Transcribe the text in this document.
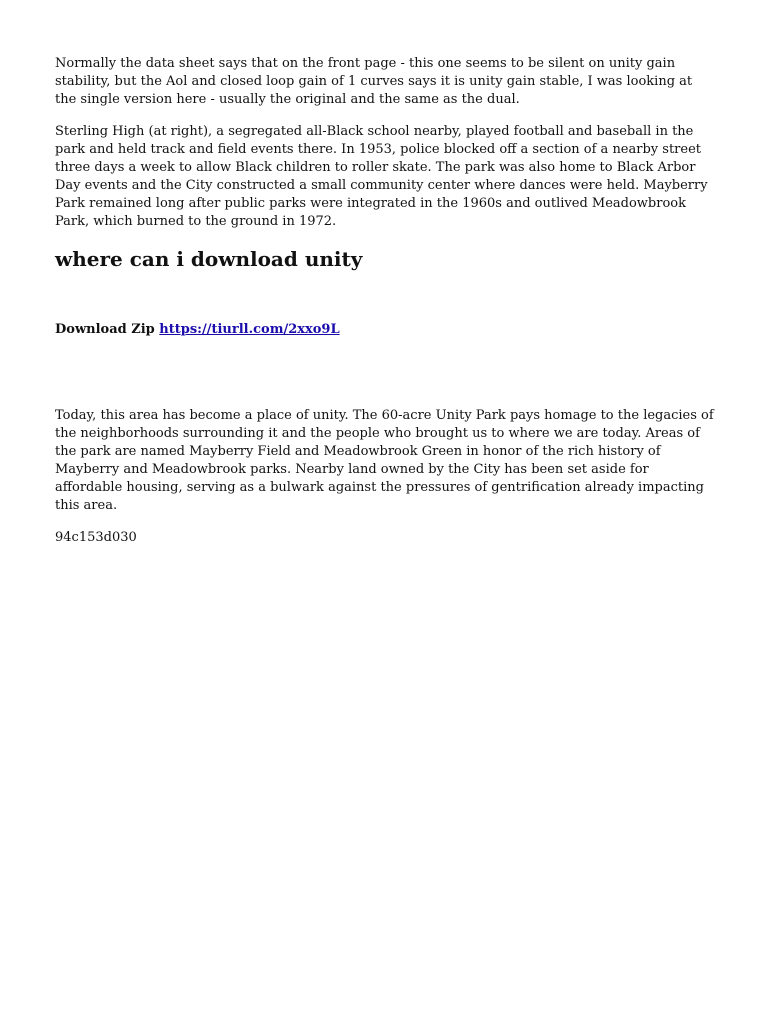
Normally the data sheet says that on the front page - this one seems to be silent on unity gain stability, but the Aol and closed loop gain of 1 curves says it is unity gain stable, I was looking at the single version here - usually the original and the same as the dual.

Sterling High (at right), a segregated all-Black school nearby, played football and baseball in the park and held track and field events there. In 1953, police blocked off a section of a nearby street three days a week to allow Black children to roller skate. The park was also home to Black Arbor Day events and the City constructed a small community center where dances were held. Mayberry Park remained long after public parks were integrated in the 1960s and outlived Meadowbrook Park, which burned to the ground in 1972.

where can i download unity
Download Zip https://tiurll.com/2xxo9L

Today, this area has become a place of unity. The 60-acre Unity Park pays homage to the legacies of the neighborhoods surrounding it and the people who brought us to where we are today. Areas of the park are named Mayberry Field and Meadowbrook Green in honor of the rich history of Mayberry and Meadowbrook parks. Nearby land owned by the City has been set aside for affordable housing, serving as a bulwark against the pressures of gentrification already impacting this area.

94c153d030
